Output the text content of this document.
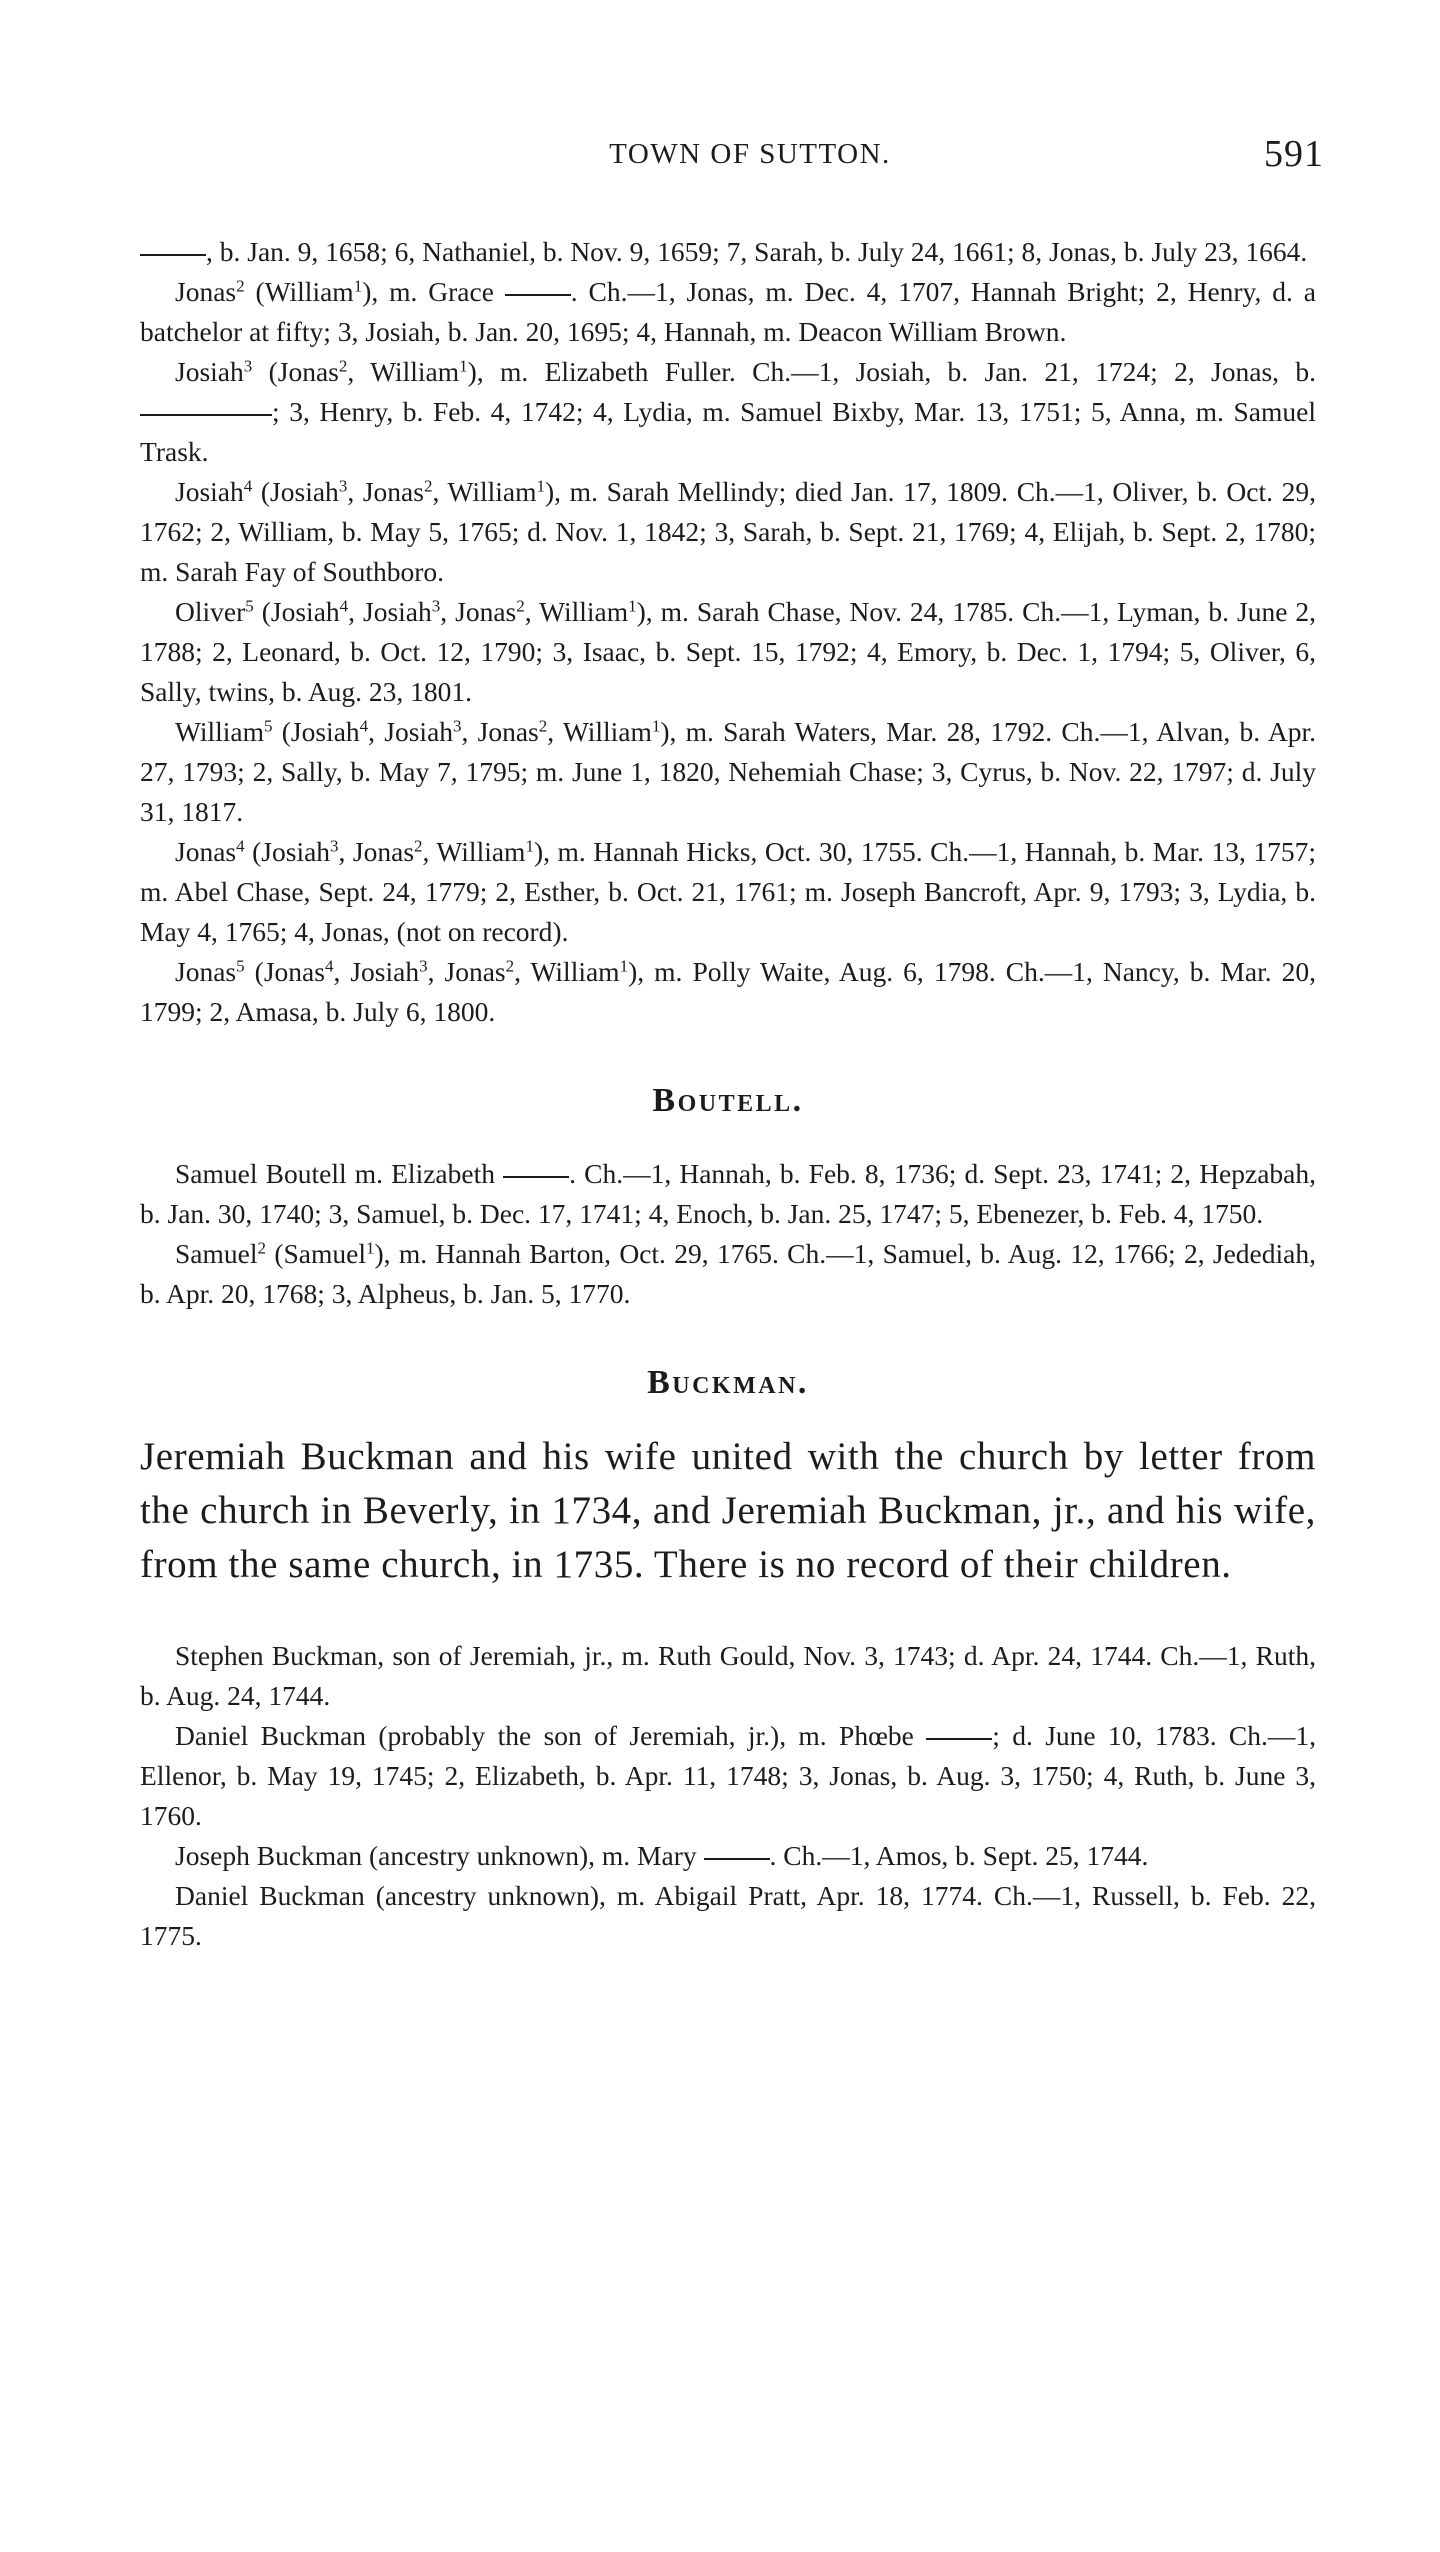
TOWN OF SUTTON.	591

, b. Jan. 9, 1658; 6, Nathaniel, b. Nov. 9, 1659; 7, Sarah, b. July 24, 1661; 8, Jonas, b. July 23, 1664.

Jonas$^2$ (William$^1$), m. Grace . Ch.—1, Jonas, m. Dec. 4, 1707, Hannah Bright; 2, Henry, d. a batchelor at fifty; 3, Josiah, b. Jan. 20, 1695; 4, Hannah, m. Deacon William Brown.

Josiah$^3$ (Jonas$^2$, William$^1$), m. Elizabeth Fuller. Ch.—1, Josiah, b. Jan. 21, 1724; 2, Jonas, b. ; 3, Henry, b. Feb. 4, 1742; 4, Lydia, m. Samuel Bixby, Mar. 13, 1751; 5, Anna, m. Samuel Trask.

Josiah$^4$ (Josiah$^3$, Jonas$^2$, William$^1$), m. Sarah Mellindy; died Jan. 17, 1809. Ch.—1, Oliver, b. Oct. 29, 1762; 2, William, b. May 5, 1765; d. Nov. 1, 1842; 3, Sarah, b. Sept. 21, 1769; 4, Elijah, b. Sept. 2, 1780; m. Sarah Fay of Southboro.

Oliver$^5$ (Josiah$^4$, Josiah$^3$, Jonas$^2$, William$^1$), m. Sarah Chase, Nov. 24, 1785. Ch.—1, Lyman, b. June 2, 1788; 2, Leonard, b. Oct. 12, 1790; 3, Isaac, b. Sept. 15, 1792; 4, Emory, b. Dec. 1, 1794; 5, Oliver, 6, Sally, twins, b. Aug. 23, 1801.

William$^5$ (Josiah$^4$, Josiah$^3$, Jonas$^2$, William$^1$), m. Sarah Waters, Mar. 28, 1792. Ch.—1, Alvan, b. Apr. 27, 1793; 2, Sally, b. May 7, 1795; m. June 1, 1820, Nehemiah Chase; 3, Cyrus, b. Nov. 22, 1797; d. July 31, 1817.

Jonas$^4$ (Josiah$^3$, Jonas$^2$, William$^1$), m. Hannah Hicks, Oct. 30, 1755. Ch.—1, Hannah, b. Mar. 13, 1757; m. Abel Chase, Sept. 24, 1779; 2, Esther, b. Oct. 21, 1761; m. Joseph Bancroft, Apr. 9, 1793; 3, Lydia, b. May 4, 1765; 4, Jonas, (not on record).

Jonas$^5$ (Jonas$^4$, Josiah$^3$, Jonas$^2$, William$^1$), m. Polly Waite, Aug. 6, 1798. Ch.—1, Nancy, b. Mar. 20, 1799; 2, Amasa, b. July 6, 1800.

Boutell.

Samuel Boutell m. Elizabeth . Ch.—1, Hannah, b. Feb. 8, 1736; d. Sept. 23, 1741; 2, Hepzabah, b. Jan. 30, 1740; 3, Samuel, b. Dec. 17, 1741; 4, Enoch, b. Jan. 25, 1747; 5, Ebenezer, b. Feb. 4, 1750.

Samuel$^2$ (Samuel$^1$), m. Hannah Barton, Oct. 29, 1765. Ch.—1, Samuel, b. Aug. 12, 1766; 2, Jedediah, b. Apr. 20, 1768; 3, Alpheus, b. Jan. 5, 1770.

Buckman.

Jeremiah Buckman and his wife united with the church by letter from the church in Beverly, in 1734, and Jeremiah Buckman, jr., and his wife, from the same church, in 1735. There is no record of their children.

Stephen Buckman, son of Jeremiah, jr., m. Ruth Gould, Nov. 3, 1743; d. Apr. 24, 1744. Ch.—1, Ruth, b. Aug. 24, 1744.

Daniel Buckman (probably the son of Jeremiah, jr.), m. Phœbe ; d. June 10, 1783. Ch.—1, Ellenor, b. May 19, 1745; 2, Elizabeth, b. Apr. 11, 1748; 3, Jonas, b. Aug. 3, 1750; 4, Ruth, b. June 3, 1760.

Joseph Buckman (ancestry unknown), m. Mary . Ch.—1, Amos, b. Sept. 25, 1744.

Daniel Buckman (ancestry unknown), m. Abigail Pratt, Apr. 18, 1774. Ch.—1, Russell, b. Feb. 22, 1775.
